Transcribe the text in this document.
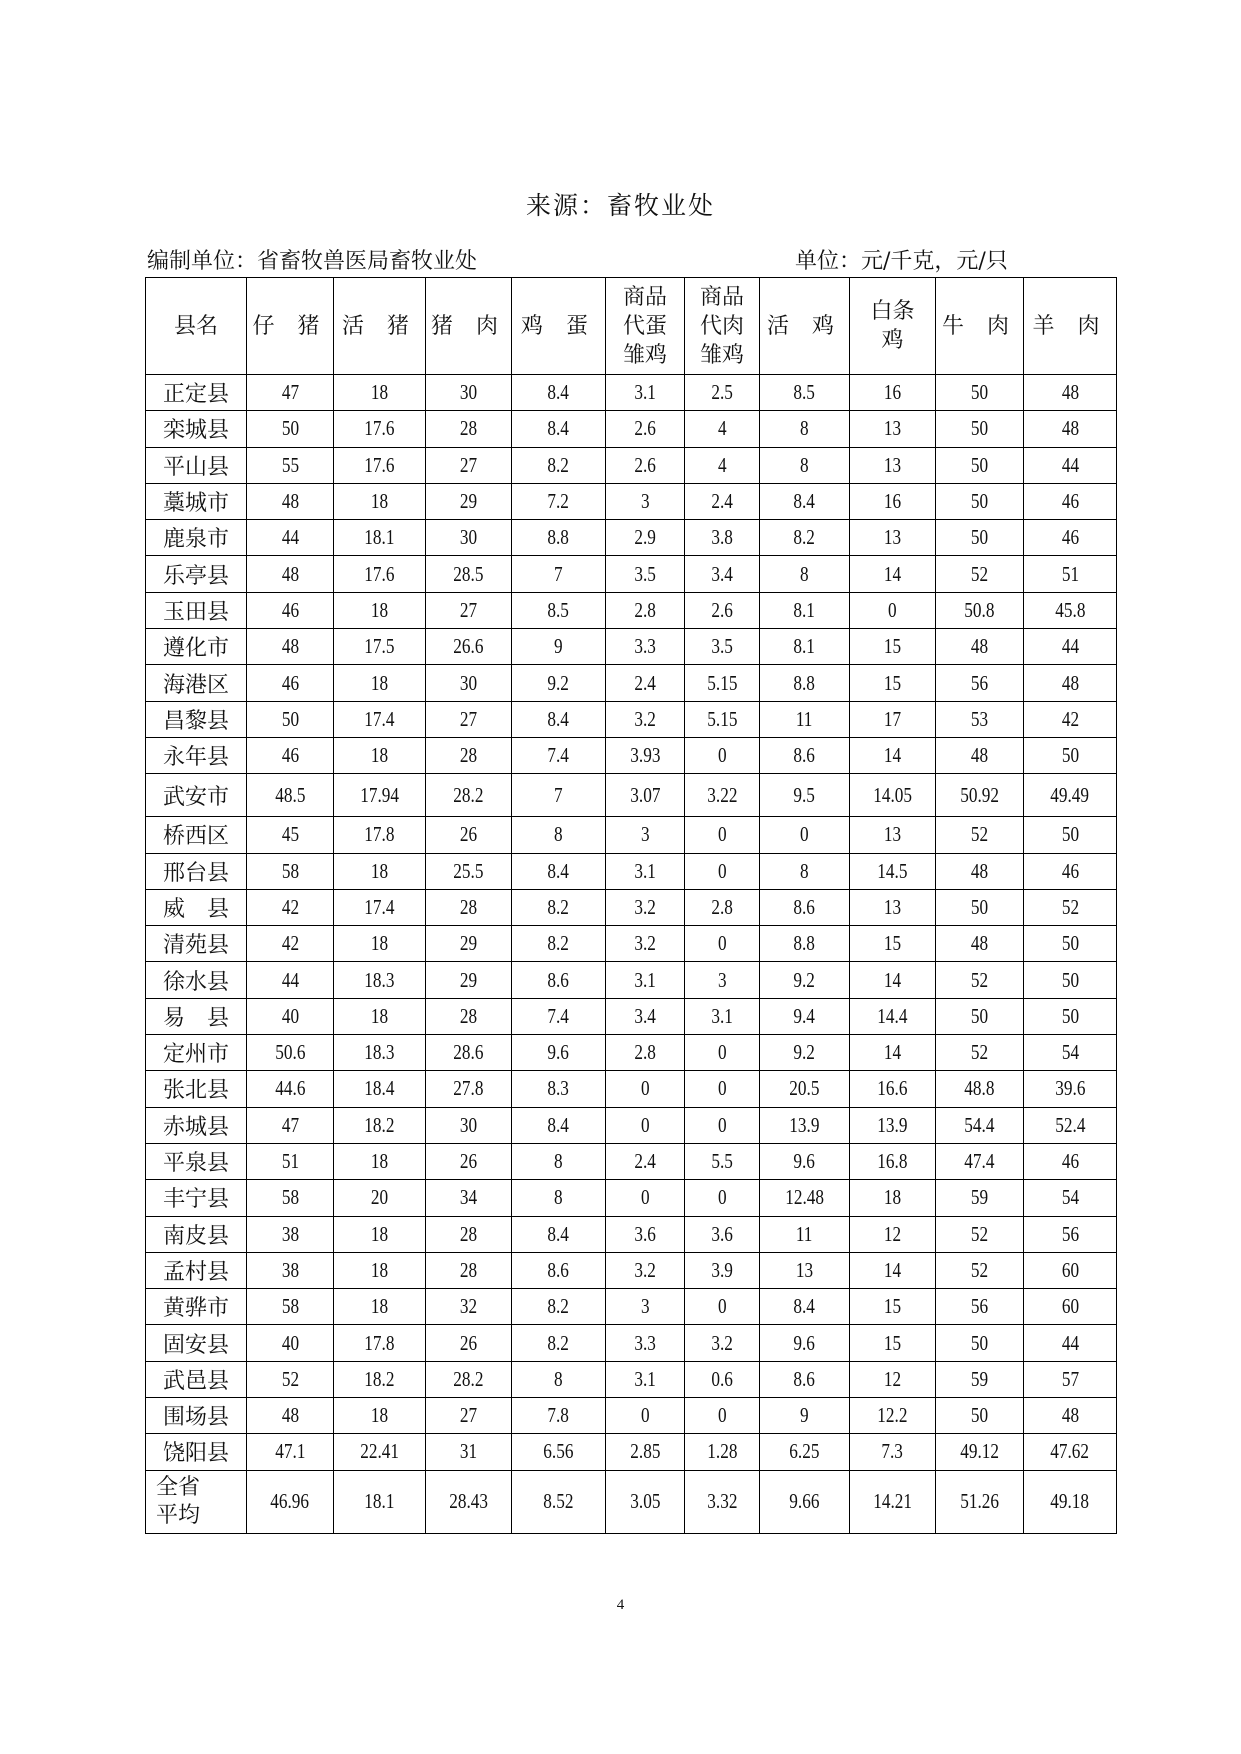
来源：畜牧业处
编制单位：省畜牧兽医局畜牧业处	单位：元/千克，元/只
县名	仔 猪	活 猪	猪 肉	鸡 蛋	商品
代蛋
雏鸡	商品
代肉
雏鸡	活 鸡	白条
鸡	牛 肉	羊 肉
正定县	47	18	30	8.4	3.1	2.5	8.5	16	50	48
栾城县	50	17.6	28	8.4	2.6	4	8	13	50	48
平山县	55	17.6	27	8.2	2.6	4	8	13	50	44
藁城市	48	18	29	7.2	3	2.4	8.4	16	50	46
鹿泉市	44	18.1	30	8.8	2.9	3.8	8.2	13	50	46
乐亭县	48	17.6	28.5	7	3.5	3.4	8	14	52	51
玉田县	46	18	27	8.5	2.8	2.6	8.1	0	50.8	45.8
遵化市	48	17.5	26.6	9	3.3	3.5	8.1	15	48	44
海港区	46	18	30	9.2	2.4	5.15	8.8	15	56	48
昌黎县	50	17.4	27	8.4	3.2	5.15	11	17	53	42
永年县	46	18	28	7.4	3.93	0	8.6	14	48	50
武安市	48.5	17.94	28.2	7	3.07	3.22	9.5	14.05	50.92	49.49
桥西区	45	17.8	26	8	3	0	0	13	52	50
邢台县	58	18	25.5	8.4	3.1	0	8	14.5	48	46
威　县	42	17.4	28	8.2	3.2	2.8	8.6	13	50	52
清苑县	42	18	29	8.2	3.2	0	8.8	15	48	50
徐水县	44	18.3	29	8.6	3.1	3	9.2	14	52	50
易　县	40	18	28	7.4	3.4	3.1	9.4	14.4	50	50
定州市	50.6	18.3	28.6	9.6	2.8	0	9.2	14	52	54
张北县	44.6	18.4	27.8	8.3	0	0	20.5	16.6	48.8	39.6
赤城县	47	18.2	30	8.4	0	0	13.9	13.9	54.4	52.4
平泉县	51	18	26	8	2.4	5.5	9.6	16.8	47.4	46
丰宁县	58	20	34	8	0	0	12.48	18	59	54
南皮县	38	18	28	8.4	3.6	3.6	11	12	52	56
孟村县	38	18	28	8.6	3.2	3.9	13	14	52	60
黄骅市	58	18	32	8.2	3	0	8.4	15	56	60
固安县	40	17.8	26	8.2	3.3	3.2	9.6	15	50	44
武邑县	52	18.2	28.2	8	3.1	0.6	8.6	12	59	57
围场县	48	18	27	7.8	0	0	9	12.2	50	48
饶阳县	47.1	22.41	31	6.56	2.85	1.28	6.25	7.3	49.12	47.62
全省
平均	46.96	18.1	28.43	8.52	3.05	3.32	9.66	14.21	51.26	49.18
4
